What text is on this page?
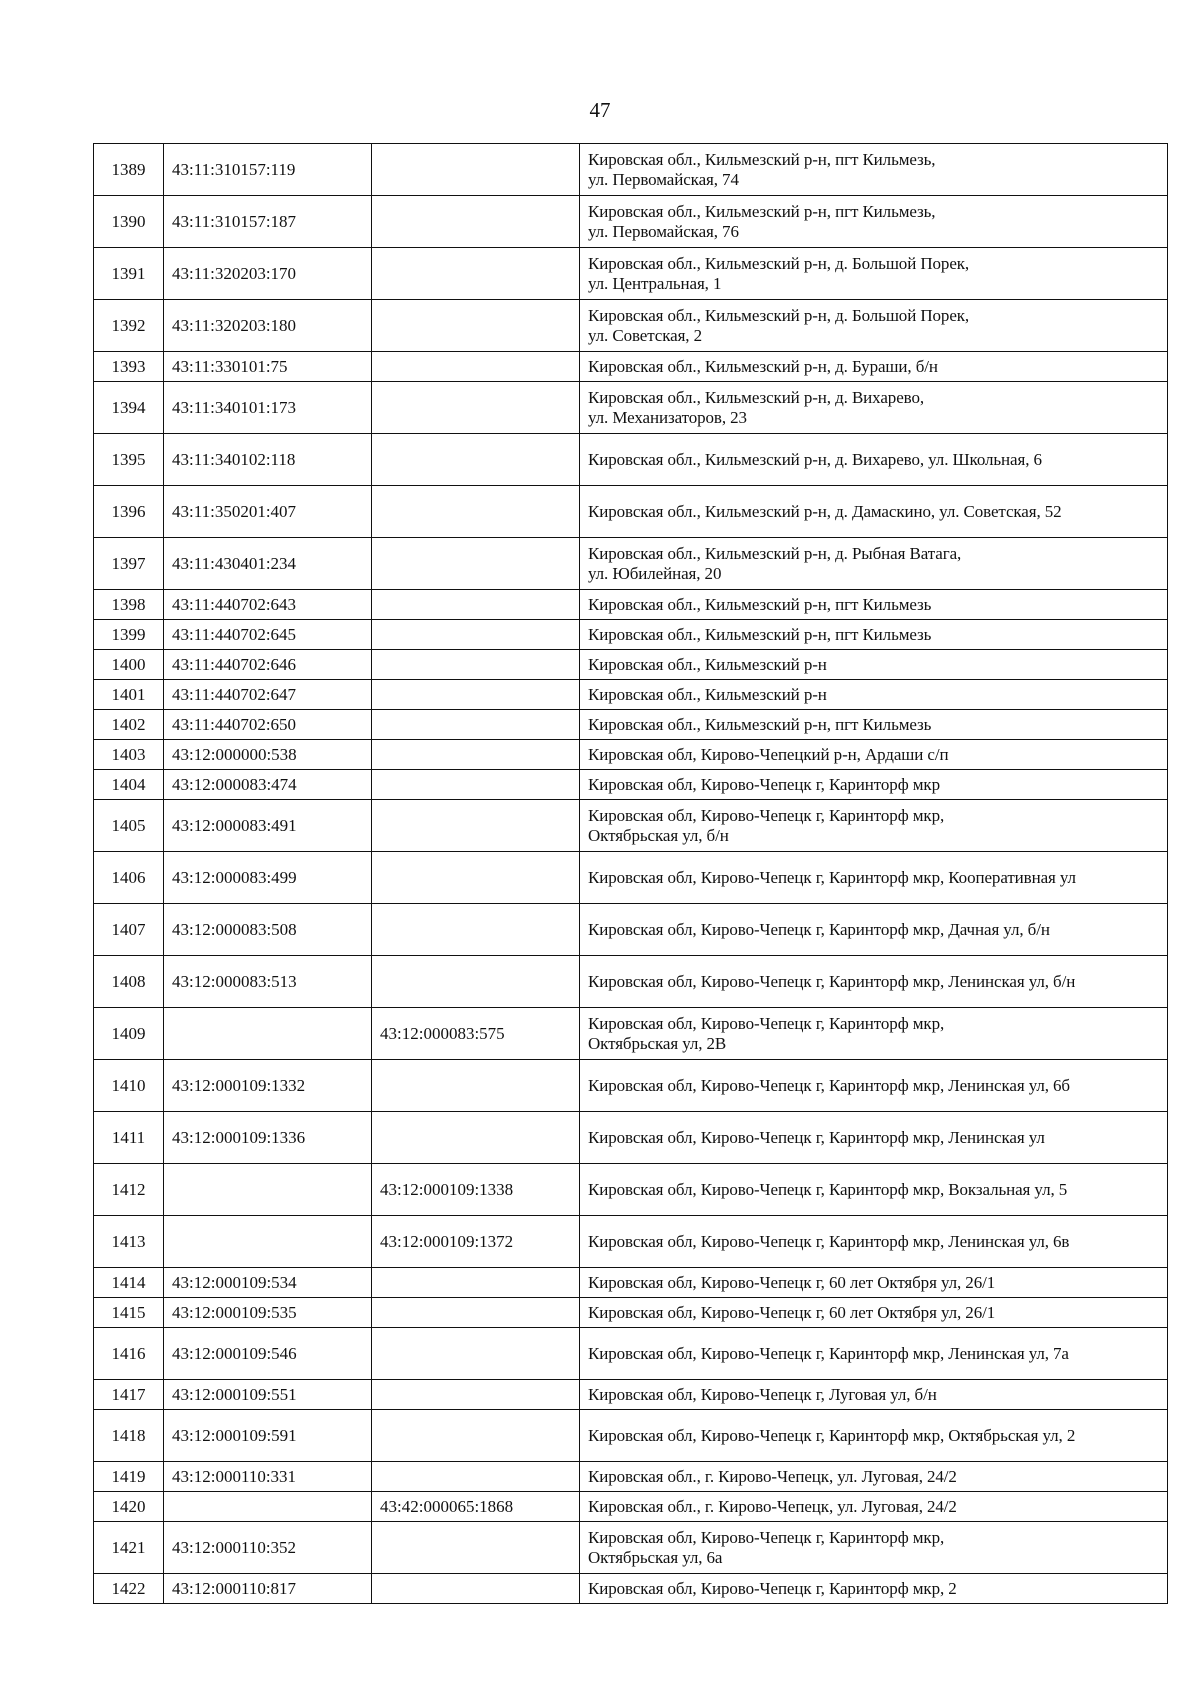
47
1389	43:11:310157:119		Кировская обл., Кильмезский р-н, пгт Кильмезь,
ул. Первомайская, 74

1390	43:11:310157:187		Кировская обл., Кильмезский р-н, пгт Кильмезь,
ул. Первомайская, 76

1391	43:11:320203:170		Кировская обл., Кильмезский р-н, д. Большой Порек,
ул. Центральная, 1

1392	43:11:320203:180		Кировская обл., Кильмезский р-н, д. Большой Порек,
ул. Советская, 2

1393	43:11:330101:75		Кировская обл., Кильмезский р-н, д. Бураши, б/н

1394	43:11:340101:173		Кировская обл., Кильмезский р-н, д. Вихарево,
ул. Механизаторов, 23

1395	43:11:340102:118		Кировская обл., Кильмезский р-н, д. Вихарево, ул. Школьная, 6

1396	43:11:350201:407		Кировская обл., Кильмезский р-н, д. Дамаскино, ул. Советская, 52

1397	43:11:430401:234		Кировская обл., Кильмезский р-н, д. Рыбная Ватага,
ул. Юбилейная, 20

1398	43:11:440702:643		Кировская обл., Кильмезский р-н, пгт Кильмезь

1399	43:11:440702:645		Кировская обл., Кильмезский р-н, пгт Кильмезь

1400	43:11:440702:646		Кировская обл., Кильмезский р-н

1401	43:11:440702:647		Кировская обл., Кильмезский р-н

1402	43:11:440702:650		Кировская обл., Кильмезский р-н, пгт Кильмезь

1403	43:12:000000:538		Кировская обл, Кирово-Чепецкий р-н, Ардаши с/п

1404	43:12:000083:474		Кировская обл, Кирово-Чепецк г, Каринторф мкр

1405	43:12:000083:491		Кировская обл, Кирово-Чепецк г, Каринторф мкр,
Октябрьская ул, б/н

1406	43:12:000083:499		Кировская обл, Кирово-Чепецк г, Каринторф мкр, Кооперативная ул

1407	43:12:000083:508		Кировская обл, Кирово-Чепецк г, Каринторф мкр, Дачная ул, б/н

1408	43:12:000083:513		Кировская обл, Кирово-Чепецк г, Каринторф мкр, Ленинская ул, б/н

1409		43:12:000083:575	Кировская обл, Кирово-Чепецк г, Каринторф мкр,
Октябрьская ул, 2В

1410	43:12:000109:1332		Кировская обл, Кирово-Чепецк г, Каринторф мкр, Ленинская ул, 6б

1411	43:12:000109:1336		Кировская обл, Кирово-Чепецк г, Каринторф мкр, Ленинская ул

1412		43:12:000109:1338	Кировская обл, Кирово-Чепецк г, Каринторф мкр, Вокзальная ул, 5

1413		43:12:000109:1372	Кировская обл, Кирово-Чепецк г, Каринторф мкр, Ленинская ул, 6в

1414	43:12:000109:534		Кировская обл, Кирово-Чепецк г, 60 лет Октября ул, 26/1

1415	43:12:000109:535		Кировская обл, Кирово-Чепецк г, 60 лет Октября ул, 26/1

1416	43:12:000109:546		Кировская обл, Кирово-Чепецк г, Каринторф мкр, Ленинская ул, 7а

1417	43:12:000109:551		Кировская обл, Кирово-Чепецк г, Луговая ул, б/н

1418	43:12:000109:591		Кировская обл, Кирово-Чепецк г, Каринторф мкр, Октябрьская ул, 2

1419	43:12:000110:331		Кировская обл., г. Кирово-Чепецк, ул. Луговая, 24/2

1420		43:42:000065:1868	Кировская обл., г. Кирово-Чепецк, ул. Луговая, 24/2

1421	43:12:000110:352		Кировская обл, Кирово-Чепецк г, Каринторф мкр,
Октябрьская ул, 6а

1422	43:12:000110:817		Кировская обл, Кирово-Чепецк г, Каринторф мкр, 2
